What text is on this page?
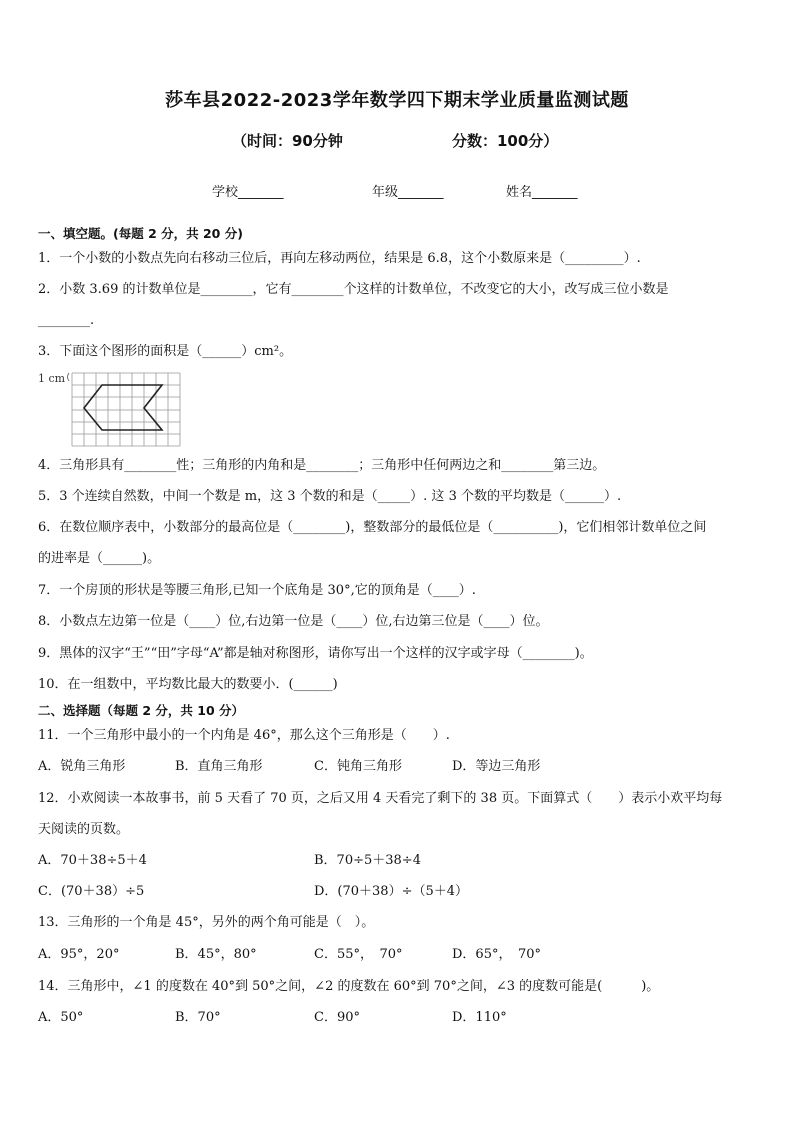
莎车县2022-2023学年数学四下期末学业质量监测试题
（时间：90分钟	分数：100分）
学校_______	年级_______	姓名_______
一、填空题。(每题 2 分，共 20 分)
1．一个小数的小数点先向右移动三位后，再向左移动两位，结果是 6.8，这个小数原来是（_________）.
2．小数 3.69 的计数单位是________，它有________个这样的计数单位，不改变它的大小，改写成三位小数是
________.
3．下面这个图形的面积是（______）cm²。
1 cm
4．三角形具有________性；三角形的内角和是________；三角形中任何两边之和________第三边。
5．3 个连续自然数，中间一个数是 m，这 3 个数的和是（_____）. 这 3 个数的平均数是（______）.
6．在数位顺序表中，小数部分的最高位是（________)，整数部分的最低位是（__________)，它们相邻计数单位之间
的进率是（______)。
7．一个房顶的形状是等腰三角形,已知一个底角是 30°,它的顶角是（____）.
8．小数点左边第一位是（____）位,右边第一位是（____）位,右边第三位是（____）位。
9．黑体的汉字“王”“田”字母“A”都是轴对称图形，请你写出一个这样的汉字或字母（________)。
10．在一组数中，平均数比最大的数要小．(______)
二、选择题（每题 2 分，共 10 分）
11．一个三角形中最小的一个内角是 46°，那么这个三角形是（　　）.
A．锐角三角形	B．直角三角形	C．钝角三角形	D．等边三角形
12．小欢阅读一本故事书，前 5 天看了 70 页，之后又用 4 天看完了剩下的 38 页。下面算式（　　）表示小欢平均每
天阅读的页数。
A．70＋38÷5＋4	B．70÷5＋38÷4
C．(70＋38）÷5	D．(70＋38）÷（5＋4）
13．三角形的一个角是 45°，另外的两个角可能是（　）。
A．95°，20°	B．45°，80°	C．55°，　70°	D．65°，　70°
14．三角形中，∠1 的度数在 40°到 50°之间，∠2 的度数在 60°到 70°之间，∠3 的度数可能是(　　　)。
A．50°	B．70°	C．90°	D．110°
